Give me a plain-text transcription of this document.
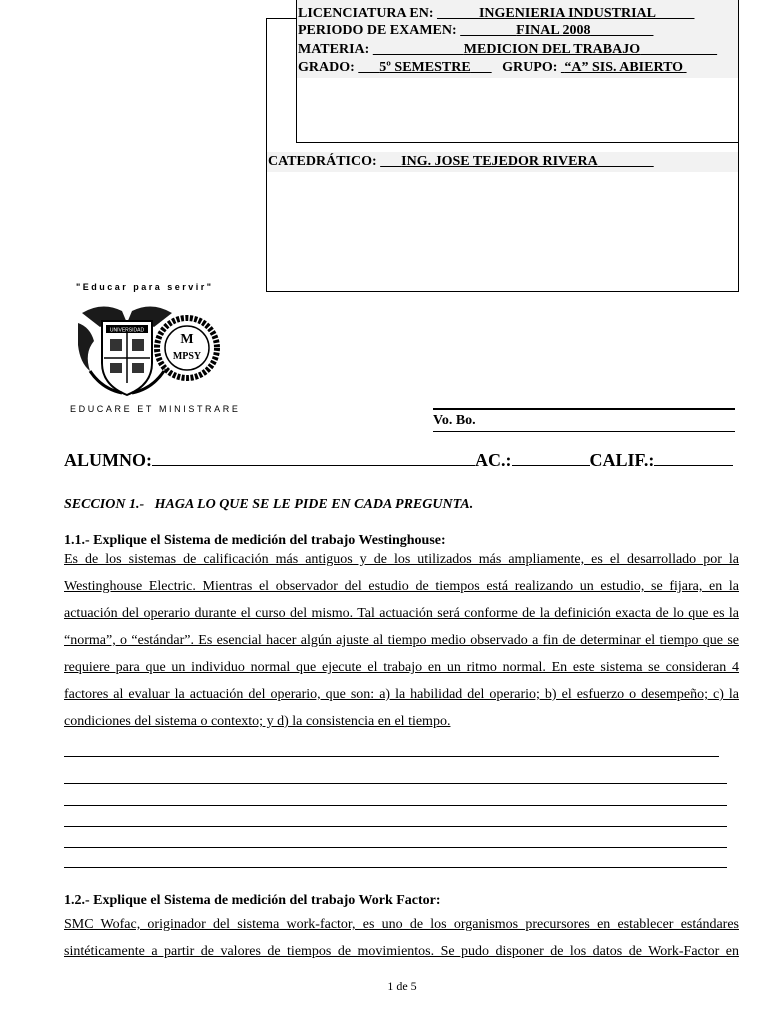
LICENCIATURA EN:	INGENIERIA INDUSTRIAL
PERIODO DE EXAMEN:	FINAL 2008
MATERIA:	MEDICION DEL TRABAJO
GRADO: 5º SEMESTRE GRUPO: “A” SIS. ABIERTO
CATEDRÁTICO: ING. JOSE TEJEDOR RIVERA
"Educar para servir"
UNIVERSIDAD
M
MPSY
EDUCARE ET MINISTRARE
Vo. Bo.
ALUMNO:	AC.:	CALIF.:
SECCION 1.-   HAGA LO QUE SE LE PIDE EN CADA PREGUNTA.
1.1.- Explique el Sistema de medición del trabajo Westinghouse:
Es de los sistemas de calificación más antiguos y de los utilizados más ampliamente, es el desarrollado por la Westinghouse Electric. Mientras el observador del estudio de tiempos está realizando un estudio, se fijara, en la actuación del operario durante el curso del mismo. Tal actuación será conforme de la definición exacta de lo que es la “norma”, o “estándar”. Es esencial hacer algún ajuste al tiempo medio observado a fin de determinar el tiempo que se requiere para que un individuo normal que ejecute el trabajo en un ritmo normal. En este sistema se consideran 4 factores al evaluar la actuación del operario, que son: a) la habilidad del operario; b) el esfuerzo o desempeño; c) la condiciones del sistema o contexto; y d) la consistencia en el tiempo.
1.2.- Explique el Sistema de medición del trabajo Work Factor:
SMC Wofac, originador del sistema work-factor, es uno de los organismos precursores en establecer estándares sintéticamente a partir de valores de tiempos de movimientos. Se pudo disponer de los datos de Work-Factor en
1 de 5
